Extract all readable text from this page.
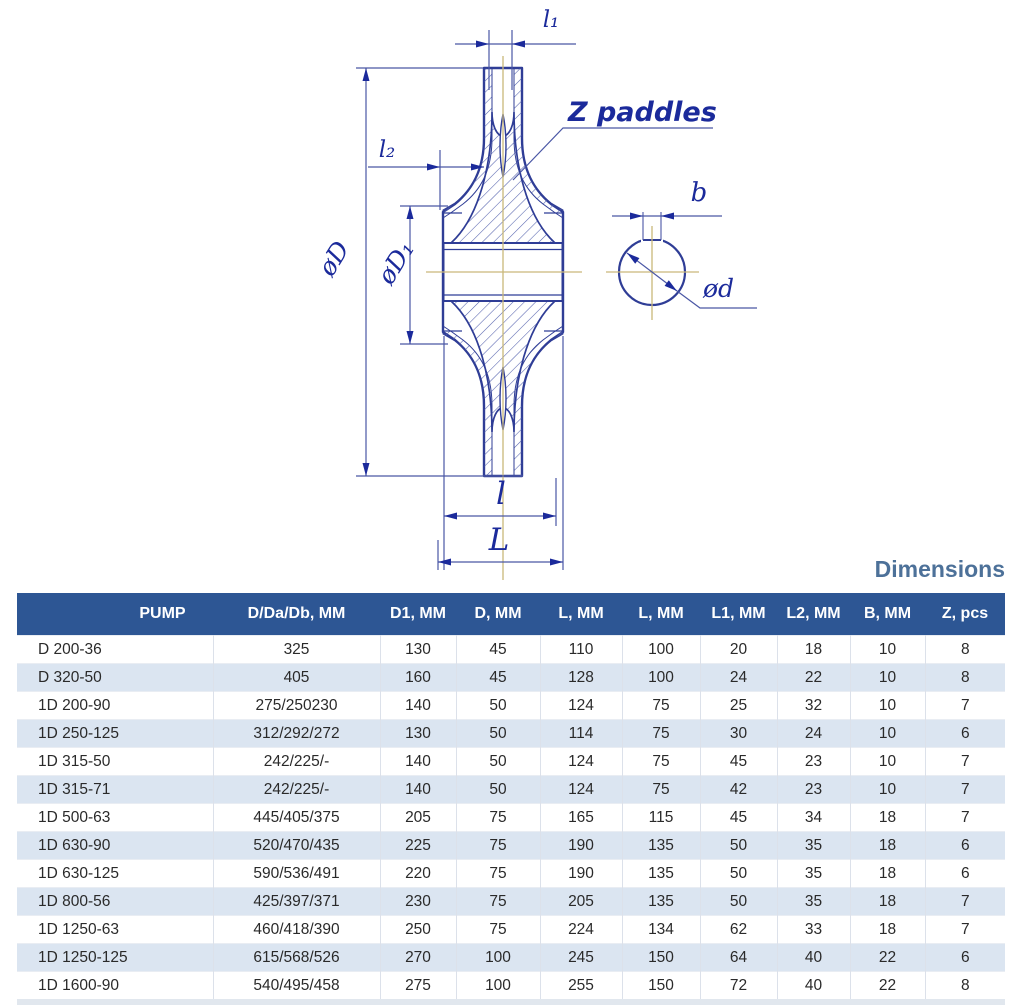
l₁
l₂
øD øD₁
Z paddles
b
ød
l
L
Dimensions
PUMP	D/Da/Db, MM	D1, MM	D, MM	L, MM	L, MM	L1, MM	L2, MM	B, MM	Z, pcs
D 200-36	325	130	45	110	100	20	18	10	8
D 320-50	405	160	45	128	100	24	22	10	8
1D 200-90	275/250230	140	50	124	75	25	32	10	7
1D 250-125	312/292/272	130	50	114	75	30	24	10	6
1D 315-50	242/225/-	140	50	124	75	45	23	10	7
1D 315-71	242/225/-	140	50	124	75	42	23	10	7
1D 500-63	445/405/375	205	75	165	115	45	34	18	7
1D 630-90	520/470/435	225	75	190	135	50	35	18	6
1D 630-125	590/536/491	220	75	190	135	50	35	18	6
1D 800-56	425/397/371	230	75	205	135	50	35	18	7
1D 1250-63	460/418/390	250	75	224	134	62	33	18	7
1D 1250-125	615/568/526	270	100	245	150	64	40	22	6
1D 1600-90	540/495/458	275	100	255	150	72	40	22	8
